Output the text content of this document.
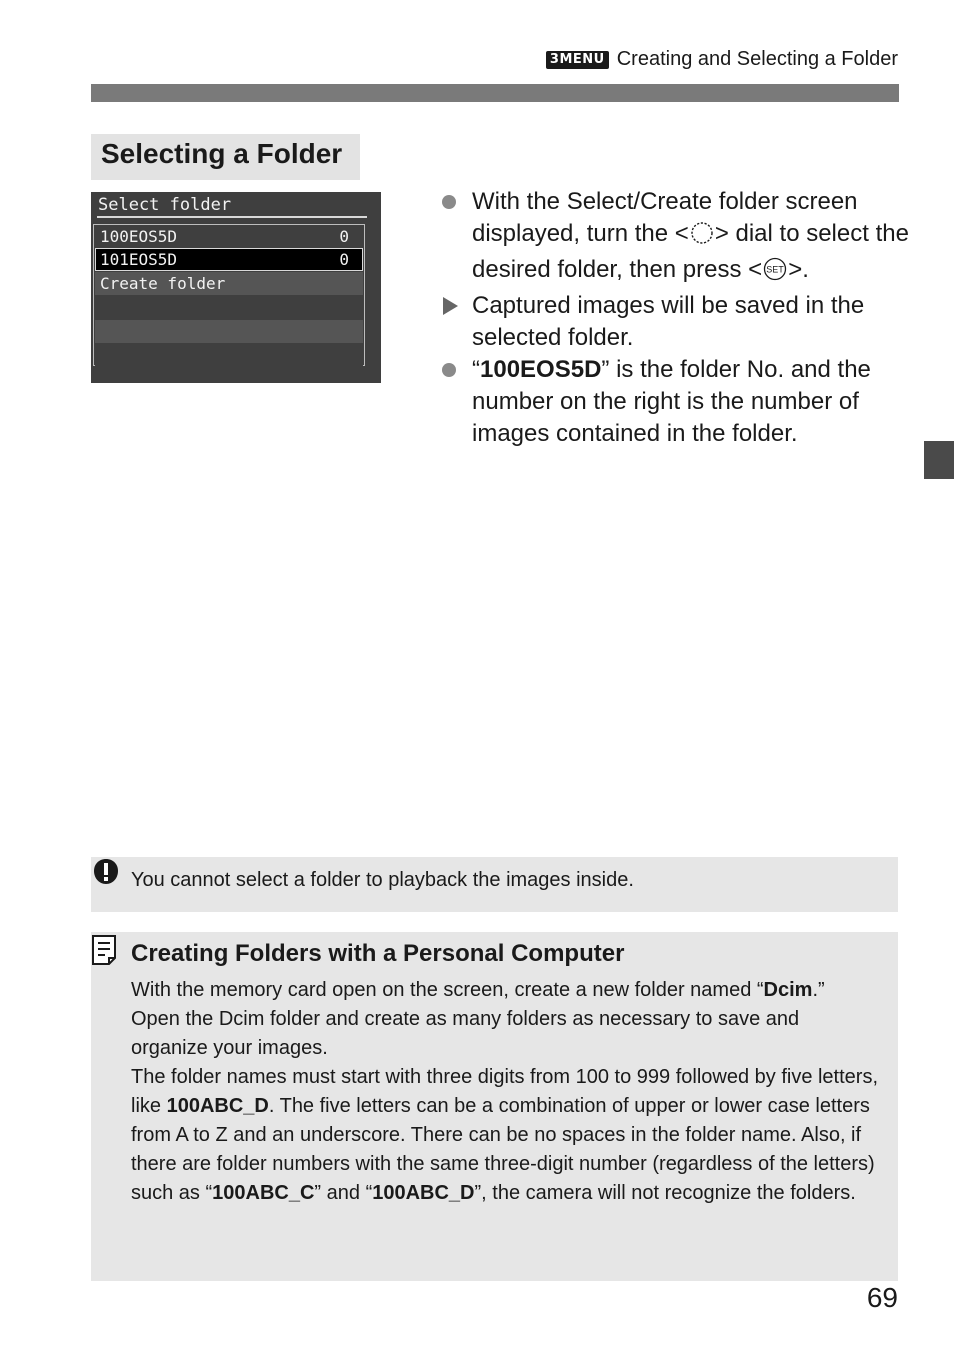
3MENU Creating and Selecting a Folder
Selecting a Folder
Select folder
100EOS5D	0
101EOS5D	0
Create folder
With the Select/Create folder screen displayed, turn the < > dial to select the desired folder, then press < SET >.
Captured images will be saved in the selected folder.
“100EOS5D” is the folder No. and the number on the right is the number of images contained in the folder.
You cannot select a folder to playback the images inside.
Creating Folders with a Personal Computer

With the memory card open on the screen, create a new folder named “Dcim.”

Open the Dcim folder and create as many folders as necessary to save and organize your images.

The folder names must start with three digits from 100 to 999 followed by five letters, like 100ABC_D. The five letters can be a combination of upper or lower case letters from A to Z and an underscore. There can be no spaces in the folder name. Also, if there are folder numbers with the same three-digit number (regardless of the letters) such as “100ABC_C” and “100ABC_D”, the camera will not recognize the folders.

69
